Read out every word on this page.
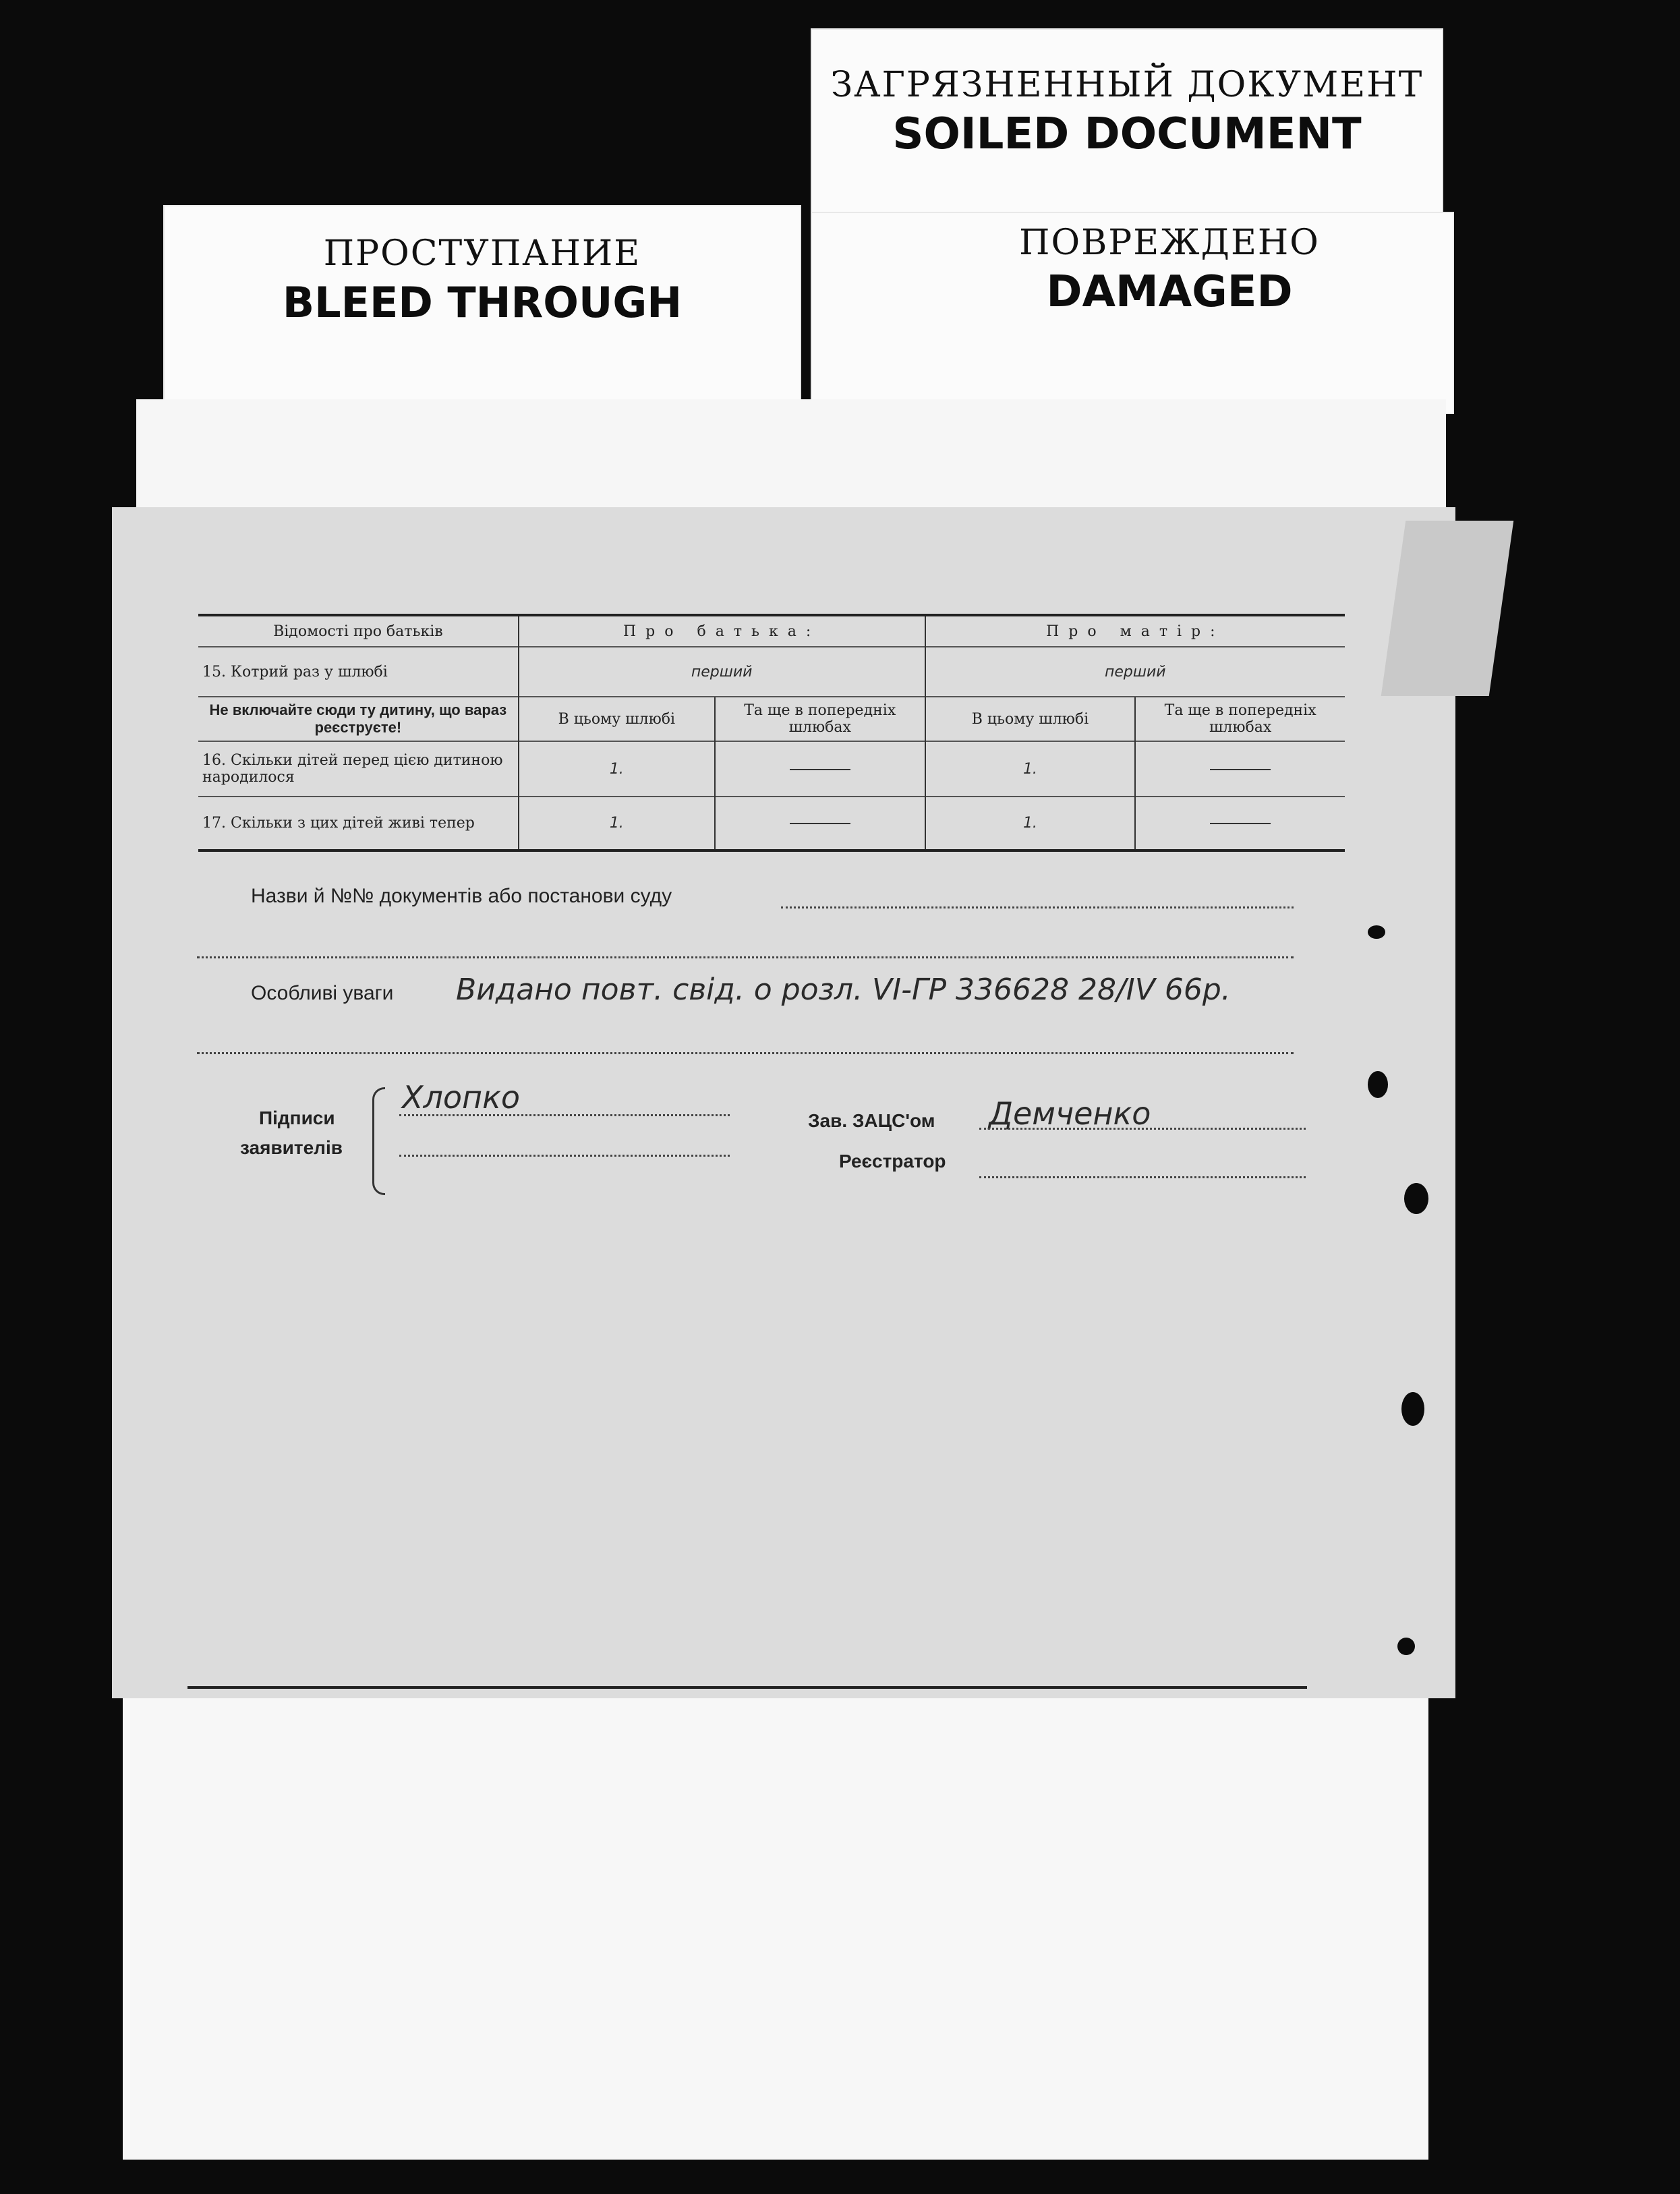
ЗАГРЯЗНЕННЫЙ ДОКУМЕНТ
SOILED DOCUMENT
ПОВРЕЖДЕНО
DAMAGED
ПРОСТУПАНИЕ
BLEED THROUGH
Відомості про батьків	Про батька:		Про матір:	
15. Котрий раз у шлюбі	перший		перший	
Не включайте сюди ту дитину, що вараз реєструєте!	В цьому шлюбі	Та ще в попередніх шлюбах	В цьому шлюбі	Та ще в попередніх шлюбах
16. Скільки дітей перед цією дитиною народилося	1.		1.	
17. Скільки з цих дітей живі тепер	1.		1.	
Назви й №№ документів або постанови суду
Особливі уваги Видано повт. свід. о розл. VI-ГР 336628 28/IV 66р.
Підписи
заявителів
Хлопко
Зав. ЗАЦС'ом Демченко
Реєстратор
